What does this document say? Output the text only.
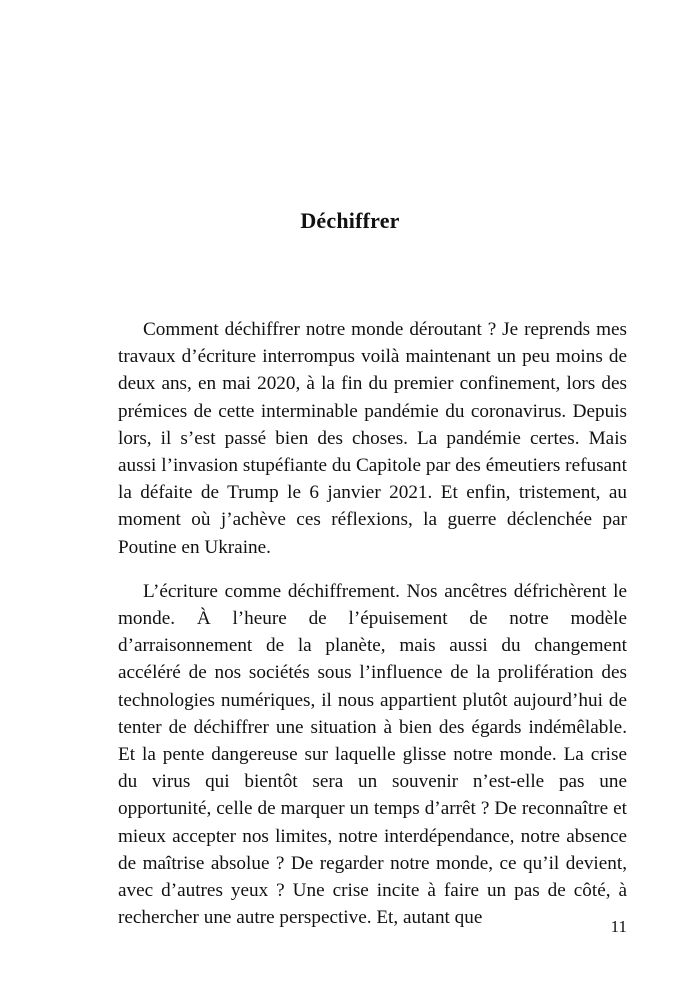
Déchiffrer

Comment déchiffrer notre monde déroutant ? Je reprends mes travaux d’écriture interrompus voilà maintenant un peu moins de deux ans, en mai 2020, à la fin du premier confinement, lors des prémices de cette interminable pandémie du coronavirus. Depuis lors, il s’est passé bien des choses. La pandémie certes. Mais aussi l’invasion stupéfiante du Capitole par des émeutiers refusant la défaite de Trump le 6 janvier 2021. Et enfin, tristement, au moment où j’achève ces réflexions, la guerre déclenchée par Poutine en Ukraine.

L’écriture comme déchiffrement. Nos ancêtres défrichèrent le monde. À l’heure de l’épuisement de notre modèle d’arraisonnement de la planète, mais aussi du changement accéléré de nos sociétés sous l’influence de la prolifération des technologies numériques, il nous appartient plutôt aujourd’hui de tenter de déchiffrer une situation à bien des égards indémêlable. Et la pente dangereuse sur laquelle glisse notre monde. La crise du virus qui bientôt sera un souvenir n’est-elle pas une opportunité, celle de marquer un temps d’arrêt ? De reconnaître et mieux accepter nos limites, notre interdépendance, notre absence de maîtrise absolue ? De regarder notre monde, ce qu’il devient, avec d’autres yeux ? Une crise incite à faire un pas de côté, à rechercher une autre perspective. Et, autant que	11
